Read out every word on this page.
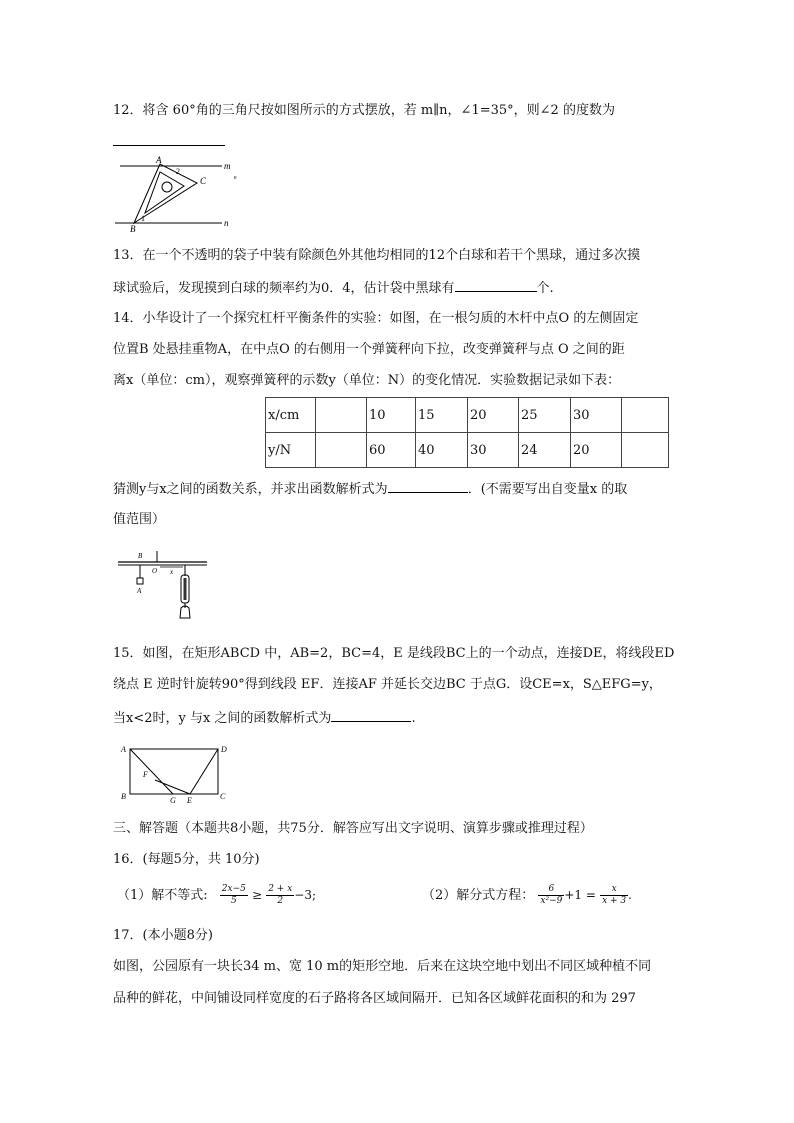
12．将含 60°角的三角尺按如图所示的方式摆放，若 m∥n，∠1=35°，则∠2 的度数为
A
m
C
2
1
B
n
e
13．在一个不透明的袋子中装有除颜色外其他均相同的12个白球和若干个黑球，通过多次摸
球试验后，发现摸到白球的频率约为0．4，估计袋中黑球有	个.
14．小华设计了一个探究杠杆平衡条件的实验：如图，在一根匀质的木杆中点O 的左侧固定
位置B 处悬挂重物A，在中点O 的右侧用一个弹簧秤向下拉，改变弹簧秤与点 O 之间的距
离x（单位：cm），观察弹簧秤的示数y（单位：N）的变化情况．实验数据记录如下表：
x/cm		10	15	20	25	30	
y/N		60	40	30	24	20	
猜测y与x之间的函数关系，并求出函数解析式为	．(不需要写出自变量x 的取
值范围）
B
O x
A
15．如图，在矩形ABCD 中，AB=2，BC=4，E 是线段BC上的一个动点，连接DE，将线段ED
绕点 E 逆时针旋转90°得到线段 EF．连接AF 并延长交边BC 于点G．设CE=x，S△EFG=y，
当x<2时，y 与x 之间的函数解析式为	.
A	D
F
B	G E	C
三、解答题（本题共8小题，共75分．解答应写出文字说明、演算步骤或推理过程）
16．(每题5分，共 10分)
（1）解不等式: $\frac{2x-5}{5} \ge \frac{2 + x}{2} -3$;	（2）解分式方程： $\frac{6}{\text{x²−9}} +1 = \frac{x}{x + 3}$ .
17．(本小题8分)
如图，公园原有一块长34 m、宽 10 m的矩形空地．后来在这块空地中划出不同区域种植不同
品种的鲜花，中间铺设同样宽度的石子路将各区域间隔开．已知各区域鲜花面积的和为 297
